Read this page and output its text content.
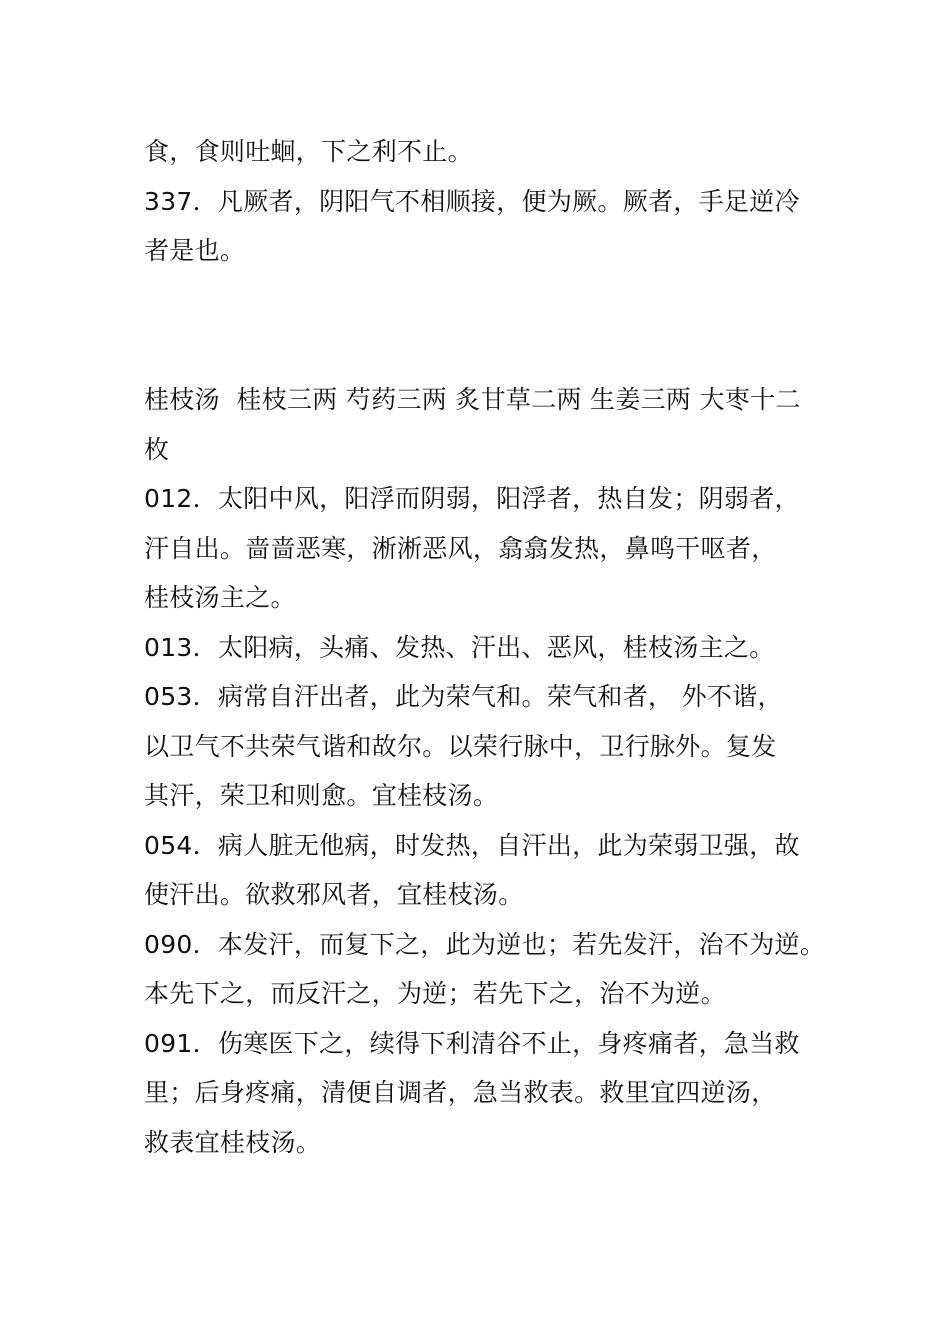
食，食则吐蛔，下之利不止。
337．凡厥者，阴阳气不相顺接，便为厥。厥者，手足逆冷
者是也。
桂枝汤  桂枝三两 芍药三两 炙甘草二两 生姜三两 大枣十二
枚
012．太阳中风，阳浮而阴弱，阳浮者，热自发；阴弱者，
汗自出。啬啬恶寒，淅淅恶风，翕翕发热，鼻鸣干呕者，
桂枝汤主之。
013．太阳病，头痛、发热、汗出、恶风，桂枝汤主之。
053．病常自汗出者，此为荣气和。荣气和者， 外不谐，
以卫气不共荣气谐和故尔。以荣行脉中，卫行脉外。复发
其汗，荣卫和则愈。宜桂枝汤。
054．病人脏无他病，时发热，自汗出，此为荣弱卫强，故
使汗出。欲救邪风者，宜桂枝汤。
090．本发汗，而复下之，此为逆也；若先发汗，治不为逆。
本先下之，而反汗之，为逆；若先下之，治不为逆。
091．伤寒医下之，续得下利清谷不止，身疼痛者，急当救
里；后身疼痛，清便自调者，急当救表。救里宜四逆汤，
救表宜桂枝汤。
